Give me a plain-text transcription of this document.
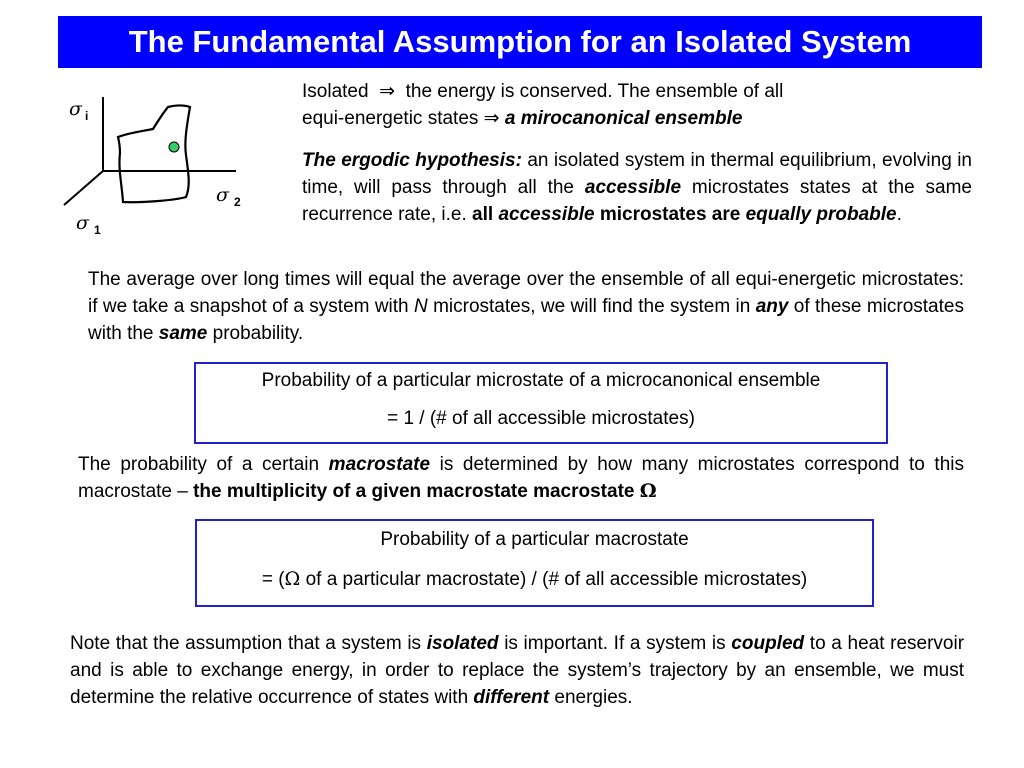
The Fundamental Assumption for an Isolated System
σ i
σ 2
σ 1
Isolated ⇒ the energy is conserved. The ensemble of all
equi-energetic states ⇒ a mirocanonical ensemble
The ergodic hypothesis: an isolated system in thermal equilibrium, evolving in time, will pass through all the accessible microstates states at the same recurrence rate, i.e. all accessible microstates are equally probable.
The average over long times will equal the average over the ensemble of all equi-energetic microstates: if we take a snapshot of a system with N microstates, we will find the system in any of these microstates with the same probability.
Probability of a particular microstate of a microcanonical ensemble
= 1 / (# of all accessible microstates)
The probability of a certain macrostate is determined by how many microstates correspond to this macrostate – the multiplicity of a given macrostate macrostate Ω
Probability of a particular macrostate
= (Ω of a particular macrostate) / (# of all accessible microstates)
Note that the assumption that a system is isolated is important. If a system is coupled to a heat reservoir and is able to exchange energy, in order to replace the system’s trajectory by an ensemble, we must determine the relative occurrence of states with different energies.
